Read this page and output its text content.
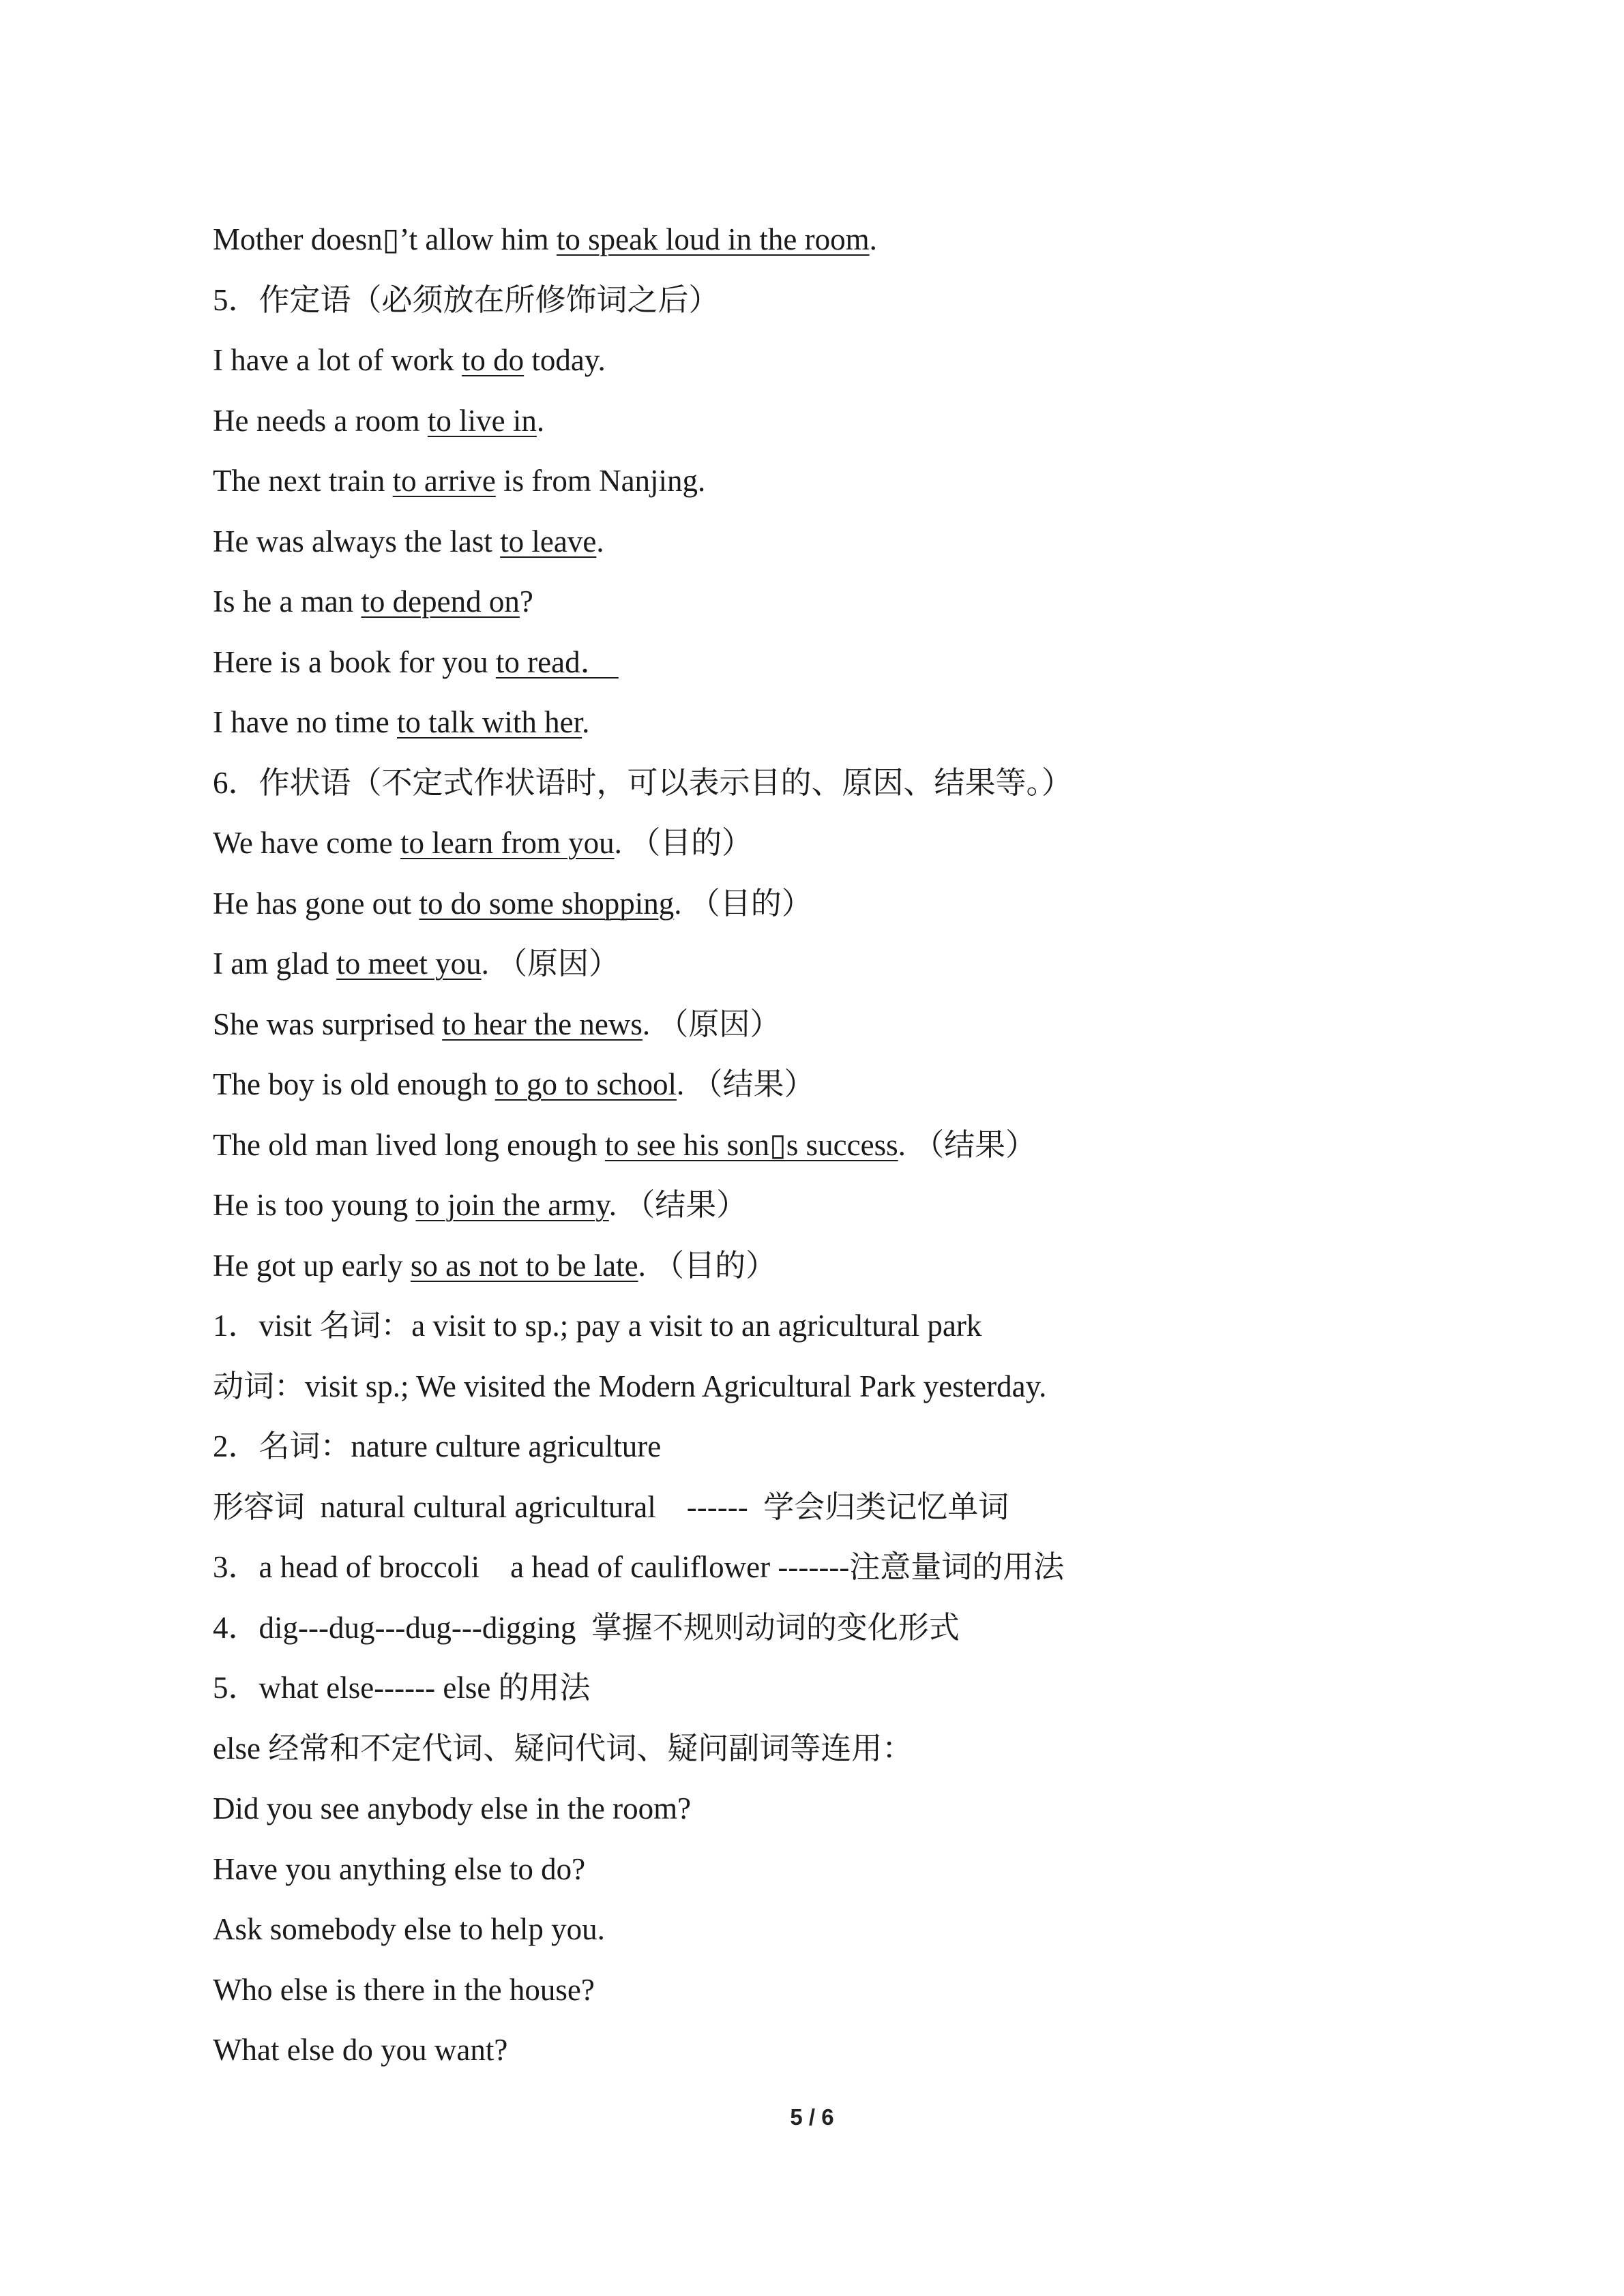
Mother doesn▯’t allow him to speak loud in the room.
5．作定语（必须放在所修饰词之后）
I have a lot of work to do today.
He needs a room to live in.
The next train to arrive is from Nanjing.
He was always the last to leave.
Is he a man to depend on?
Here is a book for you to read．
I have no time to talk with her.
6．作状语（不定式作状语时，可以表示目的、原因、结果等。）
We have come to learn from you. （目的）
He has gone out to do some shopping. （目的）
I am glad to meet you. （原因）
She was surprised to hear the news. （原因）
The boy is old enough to go to school. （结果）
The old man lived long enough to see his son▯s success. （结果）
He is too young to join the army. （结果）
He got up early so as not to be late. （目的）
1．visit 名词：a visit to sp.; pay a visit to an agricultural park
动词：visit sp.; We visited the Modern Agricultural Park yesterday.
2．名词：nature culture agriculture
形容词  natural cultural agricultural    ------  学会归类记忆单词
3．a head of broccoli    a head of cauliflower -------注意量词的用法
4．dig---dug---dug---digging  掌握不规则动词的变化形式
5．what else------ else 的用法
else 经常和不定代词、疑问代词、疑问副词等连用：
Did you see anybody else in the room?
Have you anything else to do?
Ask somebody else to help you.
Who else is there in the house?
What else do you want?
5 / 6
